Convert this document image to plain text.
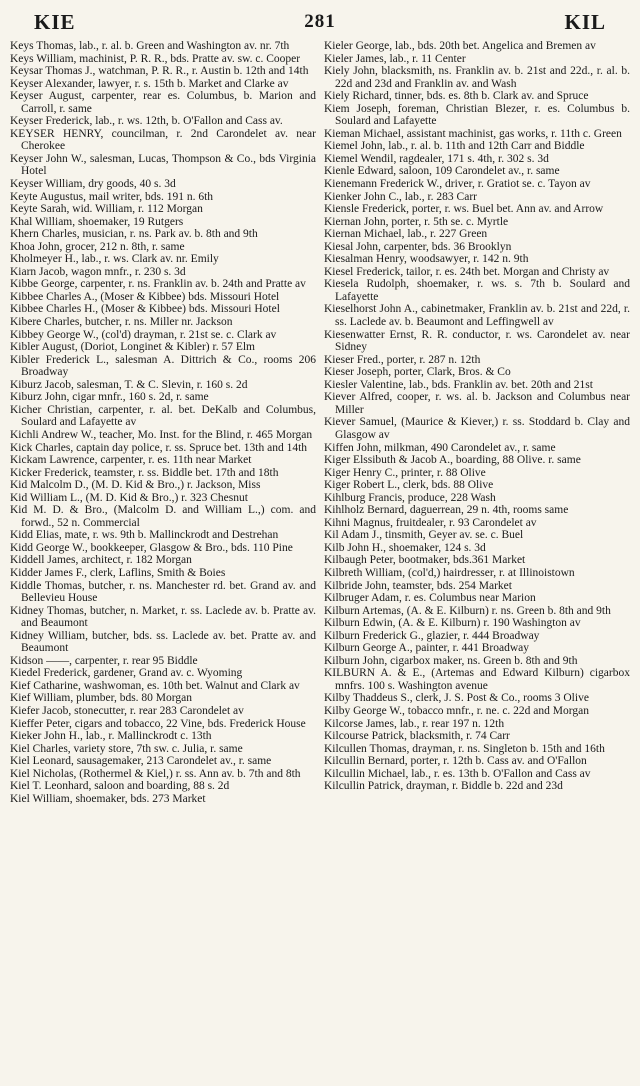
KIE	281	KIL
Keys Thomas, lab., r. al. b. Green and Washington av. nr. 7th
Keys William, machinist, P. R. R., bds. Pratte av. sw. c. Cooper
Keysar Thomas J., watchman, P. R. R., r. Austin b. 12th and 14th
Keyser Alexander, lawyer, r. s. 15th b. Market and Clarke av
Keyser August, carpenter, rear es. Columbus, b. Marion and Carroll, r. same
Keyser Frederick, lab., r. ws. 12th, b. O'Fallon and Cass av.
KEYSER HENRY, councilman, r. 2nd Carondelet av. near Cherokee
Keyser John W., salesman, Lucas, Thompson & Co., bds Virginia Hotel
Keyser William, dry goods, 40 s. 3d
Keyte Augustus, mail writer, bds. 191 n. 6th
Keyte Sarah, wid. William, r. 112 Morgan
Khal William, shoemaker, 19 Rutgers
Khern Charles, musician, r. ns. Park av. b. 8th and 9th
Khoa John, grocer, 212 n. 8th, r. same
Kholmeyer H., lab., r. ws. Clark av. nr. Emily
Kiarn Jacob, wagon mnfr., r. 230 s. 3d
Kibbe George, carpenter, r. ns. Franklin av. b. 24th and Pratte av
Kibbee Charles A., (Moser & Kibbee) bds. Missouri Hotel
Kibbee Charles H., (Moser & Kibbee) bds. Missouri Hotel
Kibere Charles, butcher, r. ns. Miller nr. Jackson
Kibbey George W., (col'd) drayman, r. 21st se. c. Clark av
Kibler August, (Doriot, Longinet & Kibler) r. 57 Elm
Kibler Frederick L., salesman A. Dittrich & Co., rooms 206 Broadway
Kiburz Jacob, salesman, T. & C. Slevin, r. 160 s. 2d
Kiburz John, cigar mnfr., 160 s. 2d, r. same
Kicher Christian, carpenter, r. al. bet. DeKalb and Columbus, Soulard and Lafayette av
Kichli Andrew W., teacher, Mo. Inst. for the Blind, r. 465 Morgan
Kick Charles, captain day police, r. ss. Spruce bet. 13th and 14th
Kickam Lawrence, carpenter, r. es. 11th near Market
Kicker Frederick, teamster, r. ss. Biddle bet. 17th and 18th
Kid Malcolm D., (M. D. Kid & Bro.,) r. Jackson, Miss
Kid William L., (M. D. Kid & Bro.,) r. 323 Chesnut
Kid M. D. & Bro., (Malcolm D. and William L.,) com. and forwd., 52 n. Commercial
Kidd Elias, mate, r. ws. 9th b. Mallinckrodt and Destrehan
Kidd George W., bookkeeper, Glasgow & Bro., bds. 110 Pine
Kiddell James, architect, r. 182 Morgan
Kidder James F., clerk, Laflins, Smith & Boies
Kiddle Thomas, butcher, r. ns. Manchester rd. bet. Grand av. and Bellevieu House
Kidney Thomas, butcher, n. Market, r. ss. Laclede av. b. Pratte av. and Beaumont
Kidney William, butcher, bds. ss. Laclede av. bet. Pratte av. and Beaumont
Kidson ——, carpenter, r. rear 95 Biddle
Kiedel Frederick, gardener, Grand av. c. Wyoming
Kief Catharine, washwoman, es. 10th bet. Walnut and Clark av
Kief William, plumber, bds. 80 Morgan
Kiefer Jacob, stonecutter, r. rear 283 Carondelet av
Kieffer Peter, cigars and tobacco, 22 Vine, bds. Frederick House
Kieker John H., lab., r. Mallinckrodt c. 13th
Kiel Charles, variety store, 7th sw. c. Julia, r. same
Kiel Leonard, sausagemaker, 213 Carondelet av., r. same
Kiel Nicholas, (Rothermel & Kiel,) r. ss. Ann av. b. 7th and 8th
Kiel T. Leonhard, saloon and boarding, 88 s. 2d
Kiel William, shoemaker, bds. 273 Market
Kieler George, lab., bds. 20th bet. Angelica and Bremen av
Kieler James, lab., r. 11 Center
Kiely John, blacksmith, ns. Franklin av. b. 21st and 22d., r. al. b. 22d and 23d and Franklin av. and Wash
Kiely Richard, tinner, bds. es. 8th b. Clark av. and Spruce
Kiem Joseph, foreman, Christian Blezer, r. es. Columbus b. Soulard and Lafayette
Kieman Michael, assistant machinist, gas works, r. 11th c. Green
Kiemel John, lab., r. al. b. 11th and 12th Carr and Biddle
Kiemel Wendil, ragdealer, 171 s. 4th, r. 302 s. 3d
Kienle Edward, saloon, 109 Carondelet av., r. same
Kienemann Frederick W., driver, r. Gratiot se. c. Tayon av
Kienker John C., lab., r. 283 Carr
Kiensle Frederick, porter, r. ws. Buel bet. Ann av. and Arrow
Kiernan John, porter, r. 5th se. c. Myrtle
Kiernan Michael, lab., r. 227 Green
Kiesal John, carpenter, bds. 36 Brooklyn
Kiesalman Henry, woodsawyer, r. 142 n. 9th
Kiesel Frederick, tailor, r. es. 24th bet. Morgan and Christy av
Kiesela Rudolph, shoemaker, r. ws. s. 7th b. Soulard and Lafayette
Kieselhorst John A., cabinetmaker, Franklin av. b. 21st and 22d, r. ss. Laclede av. b. Beaumont and Leffingwell av
Kiesenwatter Ernst, R. R. conductor, r. ws. Carondelet av. near Sidney
Kieser Fred., porter, r. 287 n. 12th
Kieser Joseph, porter, Clark, Bros. & Co
Kiesler Valentine, lab., bds. Franklin av. bet. 20th and 21st
Kiever Alfred, cooper, r. ws. al. b. Jackson and Columbus near Miller
Kiever Samuel, (Maurice & Kiever,) r. ss. Stoddard b. Clay and Glasgow av
Kiffen John, milkman, 490 Carondelet av., r. same
Kiger Elssibuth & Jacob A., boarding, 88 Olive. r. same
Kiger Henry C., printer, r. 88 Olive
Kiger Robert L., clerk, bds. 88 Olive
Kihlburg Francis, produce, 228 Wash
Kihlholz Bernard, daguerrean, 29 n. 4th, rooms same
Kihni Magnus, fruitdealer, r. 93 Carondelet av
Kil Adam J., tinsmith, Geyer av. se. c. Buel
Kilb John H., shoemaker, 124 s. 3d
Kilbaugh Peter, bootmaker, bds.361 Market
Kilbreth William, (col'd,) hairdresser, r. at Illinoistown
Kilbride John, teamster, bds. 254 Market
Kilbruger Adam, r. es. Columbus near Marion
Kilburn Artemas, (A. & E. Kilburn) r. ns. Green b. 8th and 9th
Kilburn Edwin, (A. & E. Kilburn) r. 190 Washington av
Kilburn Frederick G., glazier, r. 444 Broadway
Kilburn George A., painter, r. 441 Broadway
Kilburn John, cigarbox maker, ns. Green b. 8th and 9th
KILBURN A. & E., (Artemas and Edward Kilburn) cigarbox mnfrs. 100 s. Washington avenue
Kilby Thaddeus S., clerk, J. S. Post & Co., rooms 3 Olive
Kilby George W., tobacco mnfr., r. ne. c. 22d and Morgan
Kilcorse James, lab., r. rear 197 n. 12th
Kilcourse Patrick, blacksmith, r. 74 Carr
Kilcullen Thomas, drayman, r. ns. Singleton b. 15th and 16th
Kilcullin Bernard, porter, r. 12th b. Cass av. and O'Fallon
Kilcullin Michael, lab., r. es. 13th b. O'Fallon and Cass av
Kilcullin Patrick, drayman, r. Biddle b. 22d and 23d
